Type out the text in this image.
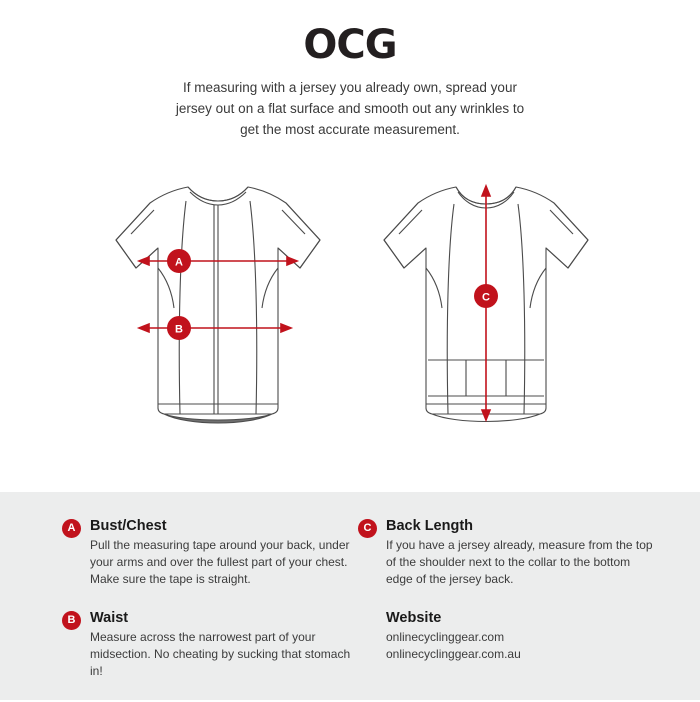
OCG
If measuring with a jersey you already own, spread your jersey out on a flat surface and smooth out any wrinkles to get the most accurate measurement.
A
B
C
A	Bust/Chest

Pull the measuring tape around your back, under your arms and over the fullest part of your chest. Make sure the tape is straight.

B	Waist

Measure across the narrowest part of your midsection. No cheating by sucking that stomach in!

C	Back Length

If you have a jersey already, measure from the top of the shoulder next to the collar to the bottom edge of the jersey back.

Website

onlinecyclinggear.com
onlinecyclinggear.com.au
